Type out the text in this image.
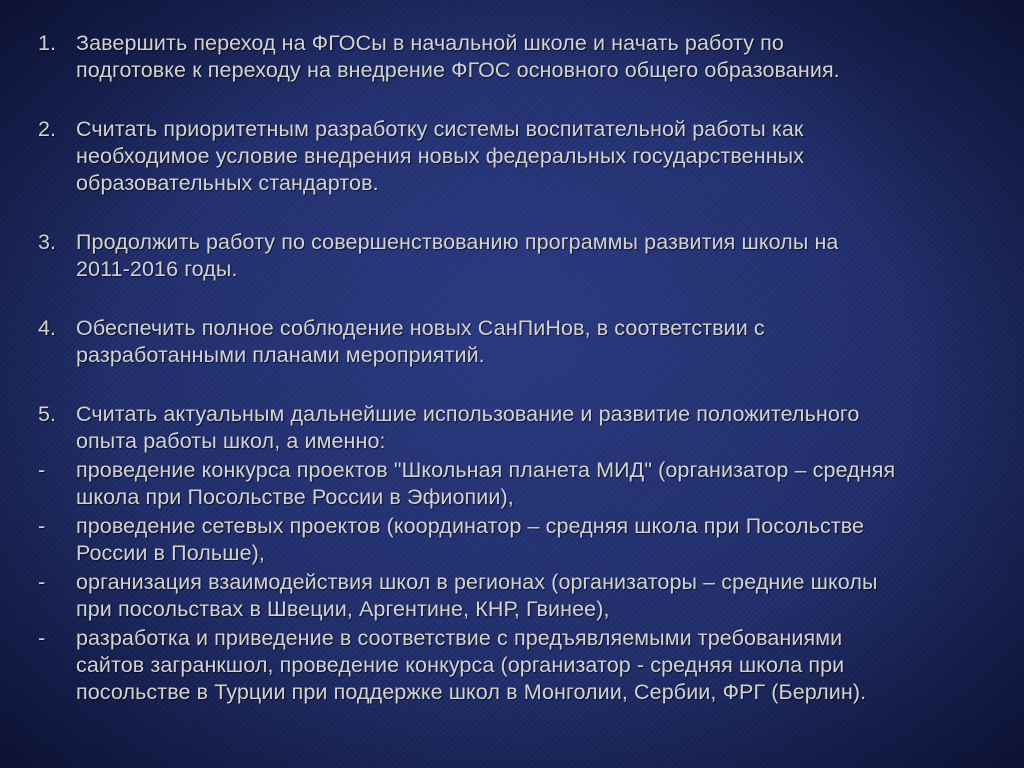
1. Завершить переход на ФГОСы в начальной школе и начать работу по
подготовке к переходу на внедрение ФГОС основного общего образования.
2. Считать приоритетным разработку системы воспитательной работы как
необходимое условие внедрения новых федеральных государственных
образовательных стандартов.
3. Продолжить работу по совершенствованию программы развития школы на
2011-2016 годы.
4. Обеспечить полное соблюдение новых СанПиНов, в соответствии с
разработанными планами мероприятий.
5. Считать актуальным дальнейшие использование и развитие положительного
опыта работы школ, а именно:
- проведение конкурса проектов "Школьная планета МИД" (организатор – средняя
школа при Посольстве России в Эфиопии),
- проведение сетевых проектов (координатор – средняя школа при Посольстве
России в Польше),
- организация взаимодействия школ в регионах (организаторы – средние школы
при посольствах в Швеции, Аргентине, КНР, Гвинее),
- разработка и приведение в соответствие с предъявляемыми требованиями
сайтов загранкшол, проведение конкурса (организатор - средняя школа при
посольстве в Турции при поддержке школ в Монголии, Сербии, ФРГ (Берлин).
